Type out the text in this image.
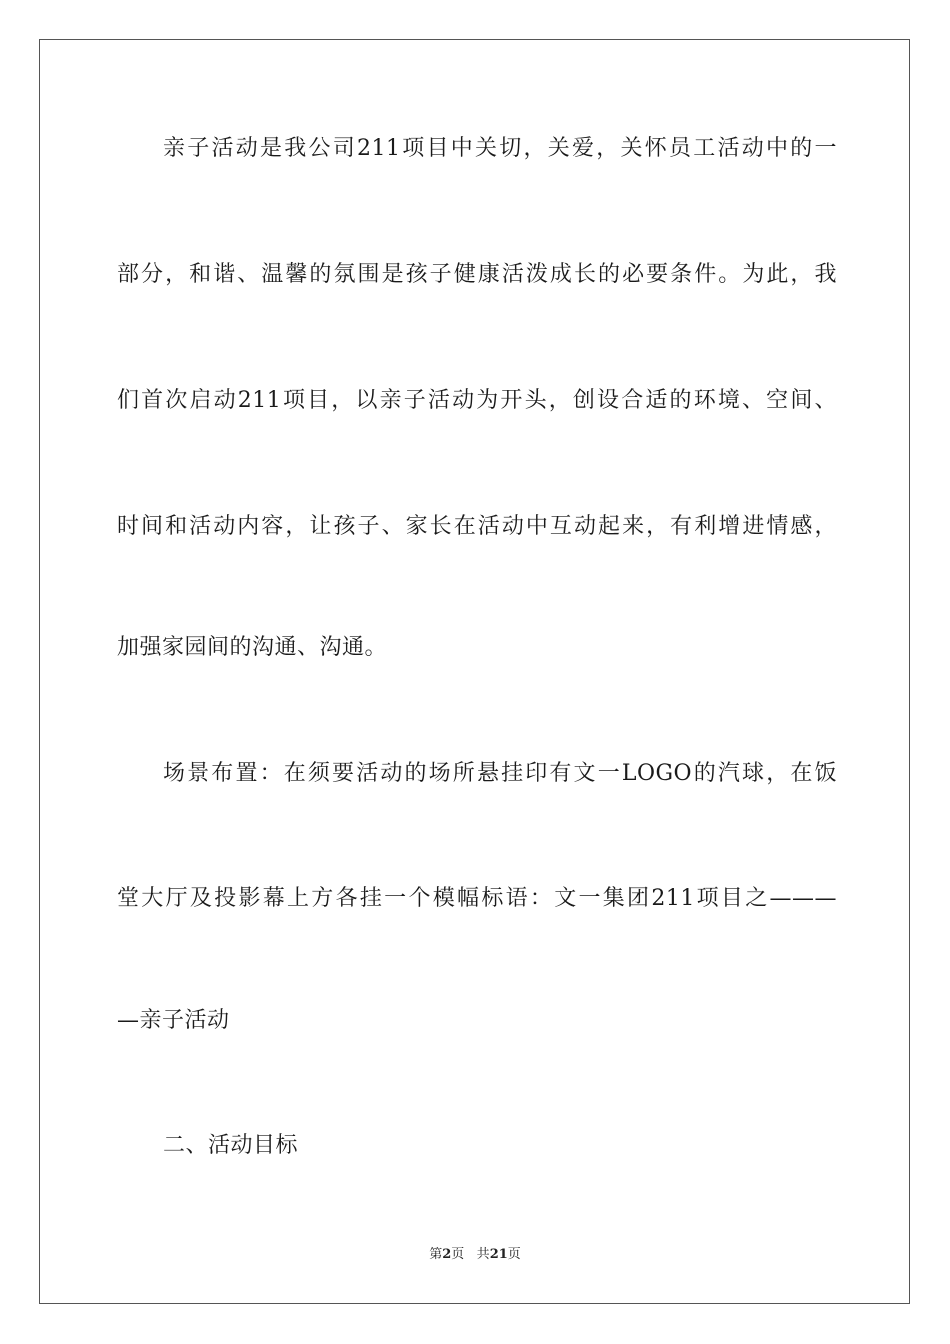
亲子活动是我公司211项目中关切，关爱，关怀员工活动中的一
部分，和谐、温馨的氛围是孩子健康活泼成长的必要条件。为此，我
们首次启动211项目，以亲子活动为开头，创设合适的环境、空间、
时间和活动内容，让孩子、家长在活动中互动起来，有利增进情感，
加强家园间的沟通、沟通。
场景布置：在须要活动的场所悬挂印有文一LOGO的汽球，在饭
堂大厅及投影幕上方各挂一个模幅标语：文一集团211项目之———
—亲子活动
二、活动目标
第2页 共21页
